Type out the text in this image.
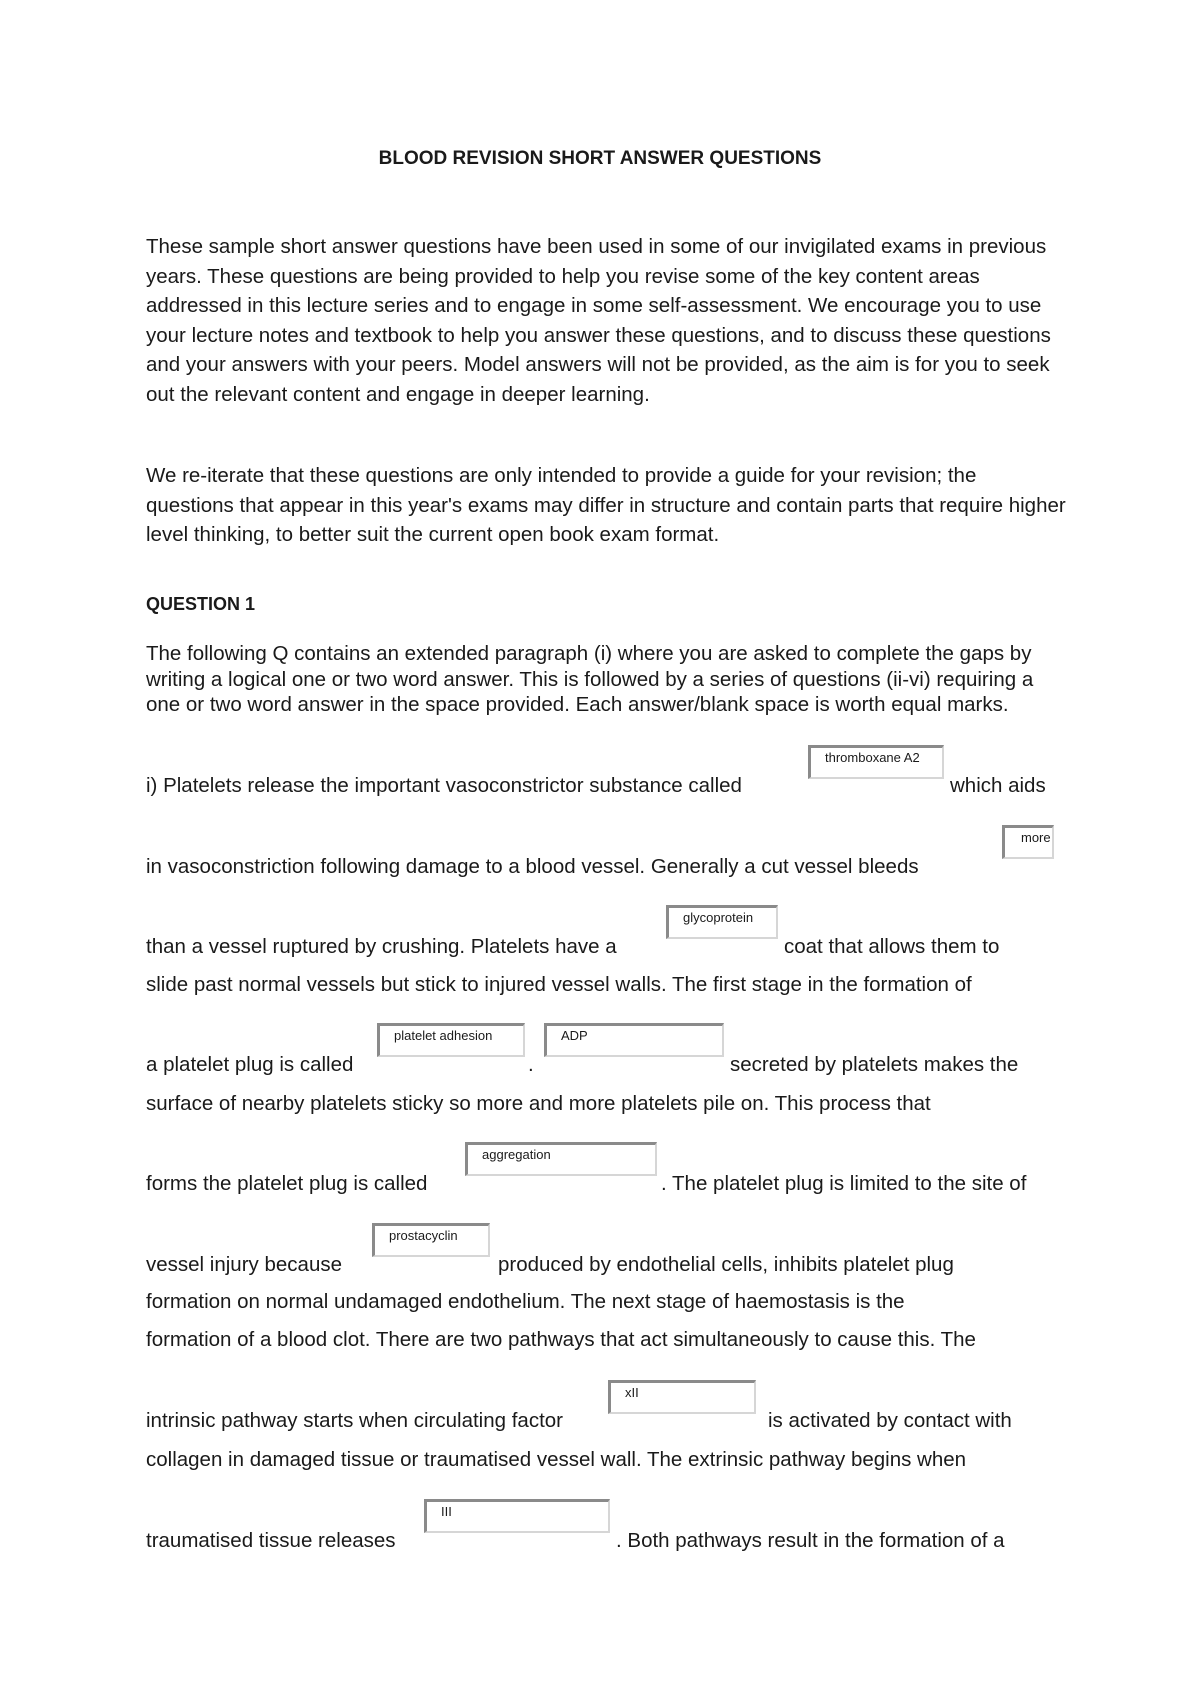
BLOOD REVISION SHORT ANSWER QUESTIONS

These sample short answer questions have been used in some of our invigilated exams in previous years. These questions are being provided to help you revise some of the key content areas addressed in this lecture series and to engage in some self-assessment. We encourage you to use your lecture notes and textbook to help you answer these questions, and to discuss these questions and your answers with your peers. Model answers will not be provided, as the aim is for you to seek out the relevant content and engage in deeper learning.

We re-iterate that these questions are only intended to provide a guide for your revision; the questions that appear in this year's exams may differ in structure and contain parts that require higher level thinking, to better suit the current open book exam format.

QUESTION 1

The following Q contains an extended paragraph (i) where you are asked to complete the gaps by writing a logical one or two word answer. This is followed by a series of questions (ii-vi) requiring a one or two word answer in the space provided. Each answer/blank space is worth equal marks.

i) Platelets release the important vasoconstrictor substance called
thromboxane A2
which aids
in vasoconstriction following damage to a blood vessel. Generally a cut vessel bleeds
more
than a vessel ruptured by crushing. Platelets have a
glycoprotein
coat that allows them to
slide past normal vessels but stick to injured vessel walls. The first stage in the formation of
a platelet plug is called
platelet adhesion
.
ADP
secreted by platelets makes the
surface of nearby platelets sticky so more and more platelets pile on. This process that
forms the platelet plug is called
aggregation
. The platelet plug is limited to the site of
vessel injury because
prostacyclin
produced by endothelial cells, inhibits platelet plug
formation on normal undamaged endothelium. The next stage of haemostasis is the
formation of a blood clot. There are two pathways that act simultaneously to cause this. The
intrinsic pathway starts when circulating factor
xII
is activated by contact with
collagen in damaged tissue or traumatised vessel wall. The extrinsic pathway begins when
traumatised tissue releases
III
. Both pathways result in the formation of a
